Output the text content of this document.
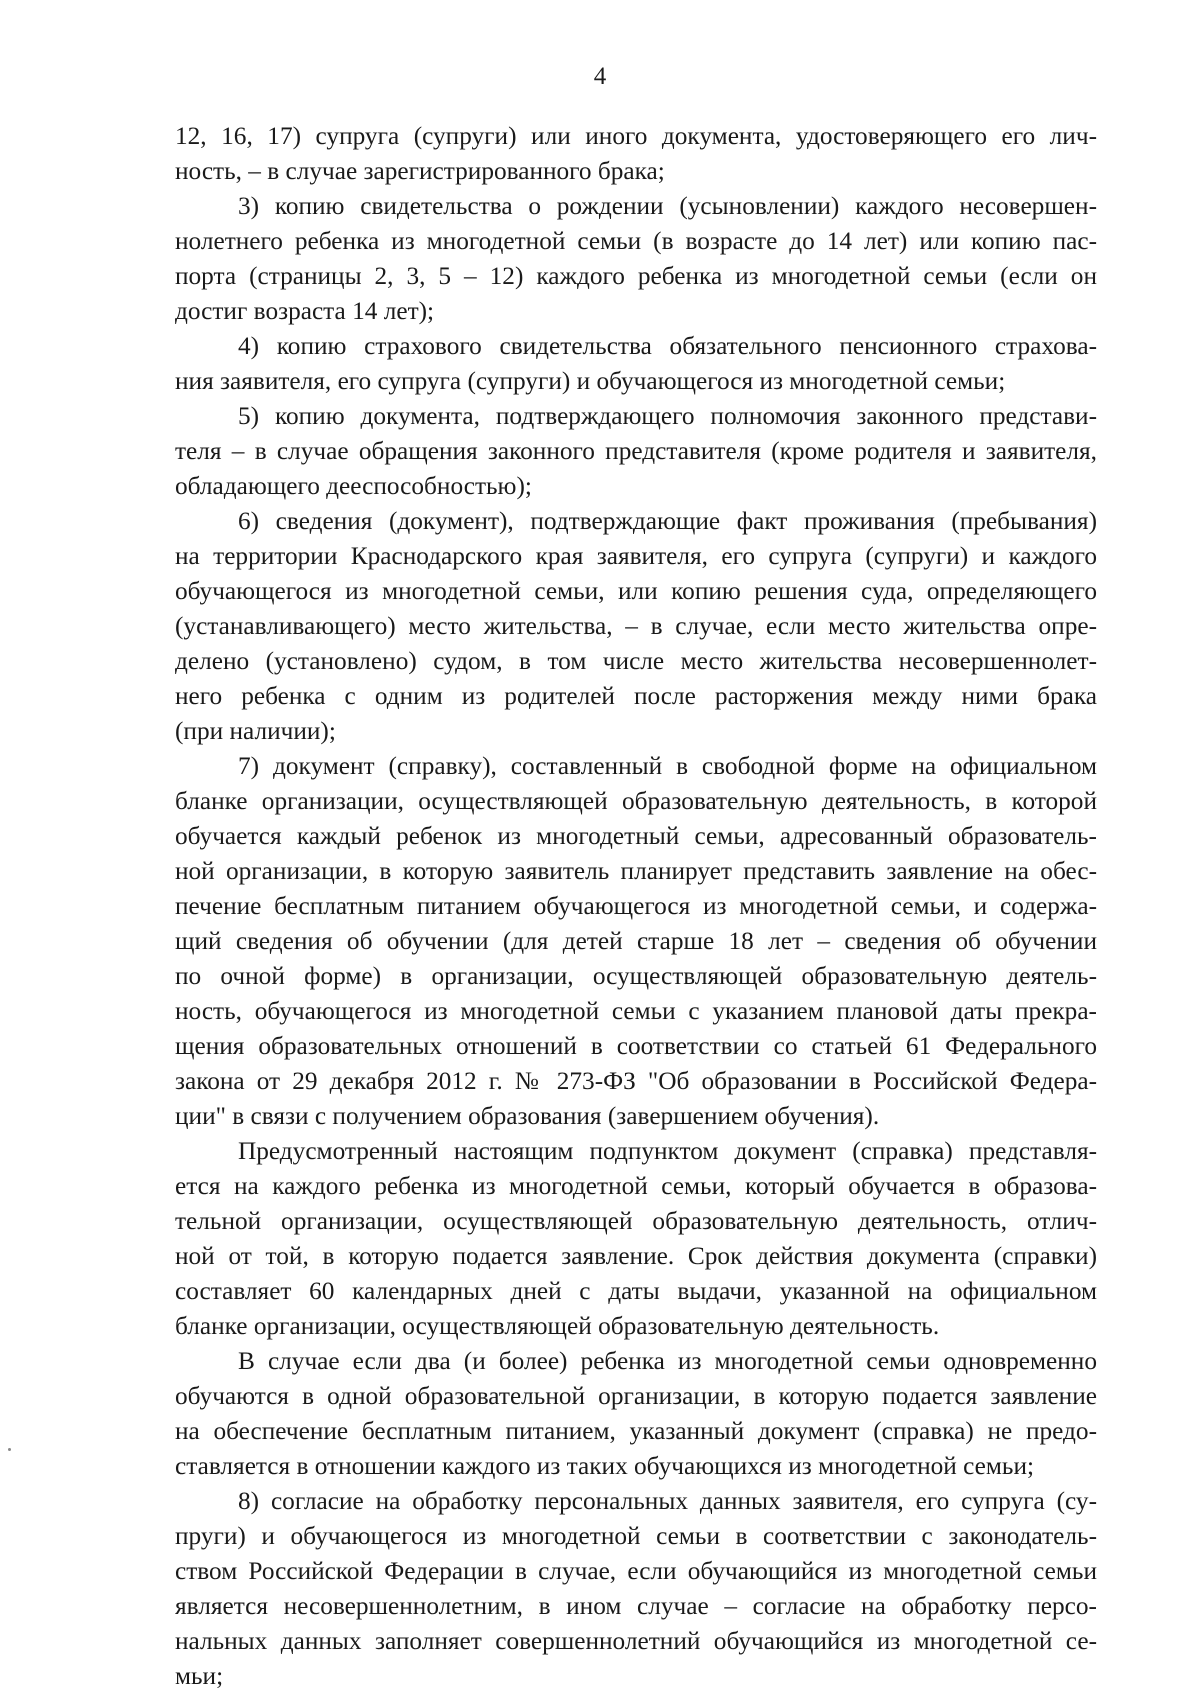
4
12, 16, 17) супруга (супруги) или иного документа, удостоверяющего его лич-
ность, – в случае зарегистрированного брака;
3) копию свидетельства о рождении (усыновлении) каждого несовершен-
нолетнего ребенка из многодетной семьи (в возрасте до 14 лет) или копию пас-
порта (страницы 2, 3, 5 – 12) каждого ребенка из многодетной семьи (если он
достиг возраста 14 лет);
4) копию страхового свидетельства обязательного пенсионного страхова-
ния заявителя, его супруга (супруги) и обучающегося из многодетной семьи;
5) копию документа, подтверждающего полномочия законного представи-
теля – в случае обращения законного представителя (кроме родителя и заявителя,
обладающего дееспособностью);
6) сведения (документ), подтверждающие факт проживания (пребывания)
на территории Краснодарского края заявителя, его супруга (супруги) и каждого
обучающегося из многодетной семьи, или копию решения суда, определяющего
(устанавливающего) место жительства, – в случае, если место жительства опре-
делено (установлено) судом, в том числе место жительства несовершеннолет-
него ребенка с одним из родителей после расторжения между ними брака
(при наличии);
7) документ (справку), составленный в свободной форме на официальном
бланке организации, осуществляющей образовательную деятельность, в которой
обучается каждый ребенок из многодетный семьи, адресованный образователь-
ной организации, в которую заявитель планирует представить заявление на обес-
печение бесплатным питанием обучающегося из многодетной семьи, и содержа-
щий сведения об обучении (для детей старше 18 лет – сведения об обучении
по очной форме) в организации, осуществляющей образовательную деятель-
ность, обучающегося из многодетной семьи с указанием плановой даты прекра-
щения образовательных отношений в соответствии со статьей 61 Федерального
закона от 29 декабря 2012 г. № 273-ФЗ "Об образовании в Российской Федера-
ции" в связи с получением образования (завершением обучения).
Предусмотренный настоящим подпунктом документ (справка) представля-
ется на каждого ребенка из многодетной семьи, который обучается в образова-
тельной организации, осуществляющей образовательную деятельность, отлич-
ной от той, в которую подается заявление. Срок действия документа (справки)
составляет 60 календарных дней с даты выдачи, указанной на официальном
бланке организации, осуществляющей образовательную деятельность.
В случае если два (и более) ребенка из многодетной семьи одновременно
обучаются в одной образовательной организации, в которую подается заявление
на обеспечение бесплатным питанием, указанный документ (справка) не предо-
ставляется в отношении каждого из таких обучающихся из многодетной семьи;
8) согласие на обработку персональных данных заявителя, его супруга (су-
пруги) и обучающегося из многодетной семьи в соответствии с законодатель-
ством Российской Федерации в случае, если обучающийся из многодетной семьи
является несовершеннолетним, в ином случае – согласие на обработку персо-
нальных данных заполняет совершеннолетний обучающийся из многодетной се-
мьи;
